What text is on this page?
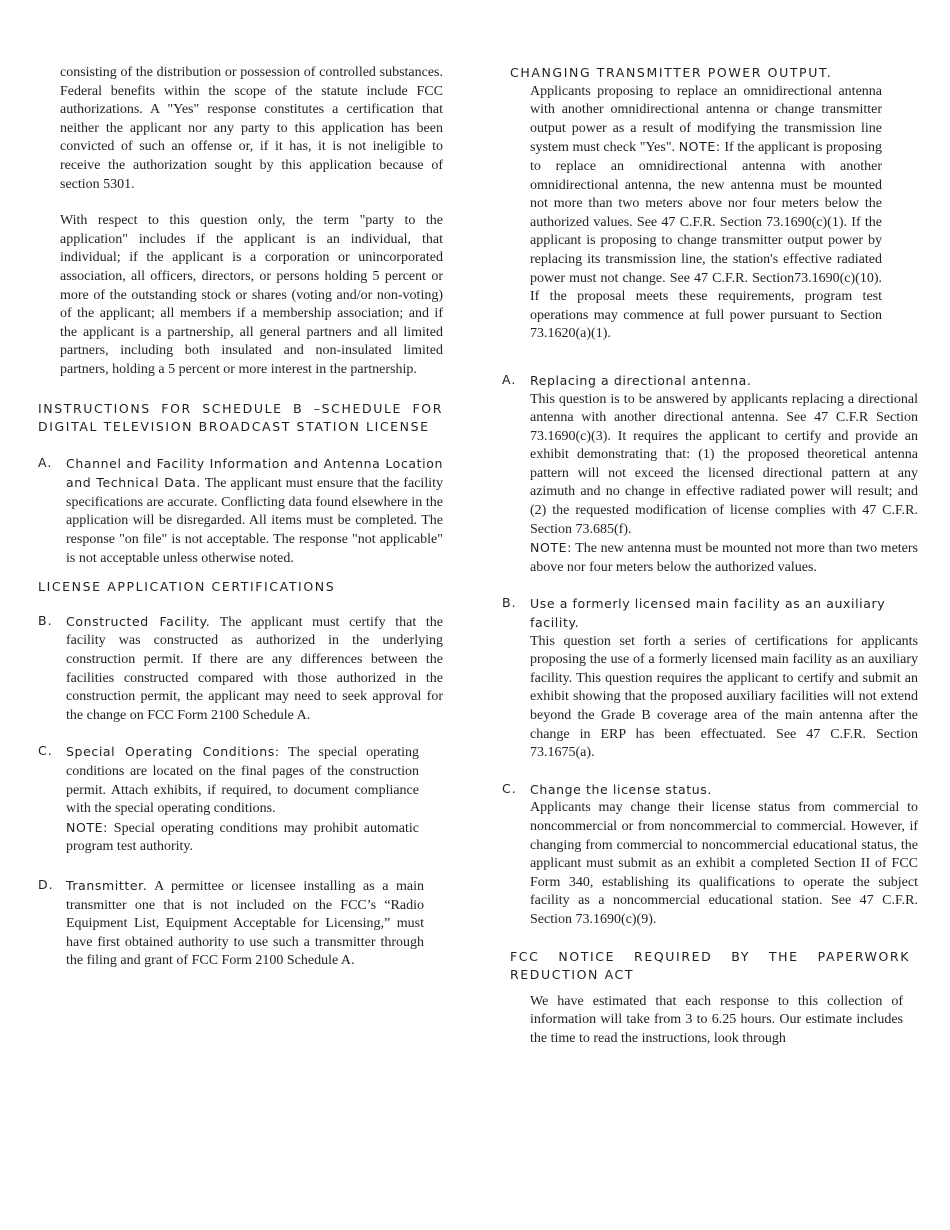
consisting of the distribution or possession of controlled substances. Federal benefits within the scope of the statute include FCC authorizations. A "Yes" response constitutes a certification that neither the applicant nor any party to this application has been convicted of such an offense or, if it has, it is not ineligible to receive the authorization sought by this application because of section 5301.

With respect to this question only, the term "party to the application" includes if the applicant is an individual, that individual; if the applicant is a corporation or unincorporated association, all officers, directors, or persons holding 5 percent or more of the outstanding stock or shares (voting and/or non-voting) of the applicant; all members if a membership association; and if the applicant is a partnership, all general partners and all limited partners, including both insulated and non-insulated limited partners, holding a 5 percent or more interest in the partnership.

INSTRUCTIONS FOR SCHEDULE B –SCHEDULE FOR DIGITAL TELEVISION BROADCAST STATION LICENSE
A. Channel and Facility Information and Antenna Location and Technical Data. The applicant must ensure that the facility specifications are accurate. Conflicting data found elsewhere in the application will be disregarded. All items must be completed. The response "on file" is not acceptable. The response "not applicable" is not acceptable unless otherwise noted.

LICENSE APPLICATION CERTIFICATIONS
B. Constructed Facility. The applicant must certify that the facility was constructed as authorized in the underlying construction permit. If there are any differences between the facilities constructed compared with those authorized in the construction permit, the applicant may need to seek approval for the change on FCC Form 2100 Schedule A.

C. Special Operating Conditions: The special operating conditions are located on the final pages of the construction permit. Attach exhibits, if required, to document compliance with the special operating conditions.

NOTE: Special operating conditions may prohibit automatic program test authority.

D. Transmitter. A permittee or licensee installing as a main transmitter one that is not included on the FCC’s “Radio Equipment List, Equipment Acceptable for Licensing,” must have first obtained authority to use such a transmitter through the filing and grant of FCC Form 2100 Schedule A.

CHANGING TRANSMITTER POWER OUTPUT.

Applicants proposing to replace an omnidirectional antenna with another omnidirectional antenna or change transmitter output power as a result of modifying the transmission line system must check "Yes". NOTE: If the applicant is proposing to replace an omnidirectional antenna with another omnidirectional antenna, the new antenna must be mounted not more than two meters above nor four meters below the authorized values. See 47 C.F.R. Section 73.1690(c)(1). If the applicant is proposing to change transmitter output power by replacing its transmission line, the station's effective radiated power must not change. See 47 C.F.R. Section73.1690(c)(10). If the proposal meets these requirements, program test operations may commence at full power pursuant to Section 73.1620(a)(1).

A. Replacing a directional antenna.

This question is to be answered by applicants replacing a directional antenna with another directional antenna. See 47 C.F.R Section 73.1690(c)(3). It requires the applicant to certify and provide an exhibit demonstrating that: (1) the proposed theoretical antenna pattern will not exceed the licensed directional pattern at any azimuth and no change in effective radiated power will result; and (2) the requested modification of license complies with 47 C.F.R. Section 73.685(f).

NOTE: The new antenna must be mounted not more than two meters above nor four meters below the authorized values.

B. Use a formerly licensed main facility as an auxiliary facility.

This question set forth a series of certifications for applicants proposing the use of a formerly licensed main facility as an auxiliary facility. This question requires the applicant to certify and submit an exhibit showing that the proposed auxiliary facilities will not extend beyond the Grade B coverage area of the main antenna after the change in ERP has been effectuated. See 47 C.F.R. Section 73.1675(a).

C. Change the license status.

Applicants may change their license status from commercial to noncommercial or from noncommercial to commercial. However, if changing from commercial to noncommercial educational status, the applicant must submit as an exhibit a completed Section II of FCC Form 340, establishing its qualifications to operate the subject facility as a noncommercial educational station. See 47 C.F.R. Section 73.1690(c)(9).

FCC NOTICE REQUIRED BY THE PAPERWORK REDUCTION ACT

We have estimated that each response to this collection of information will take from 3 to 6.25 hours. Our estimate includes the time to read the instructions, look through
